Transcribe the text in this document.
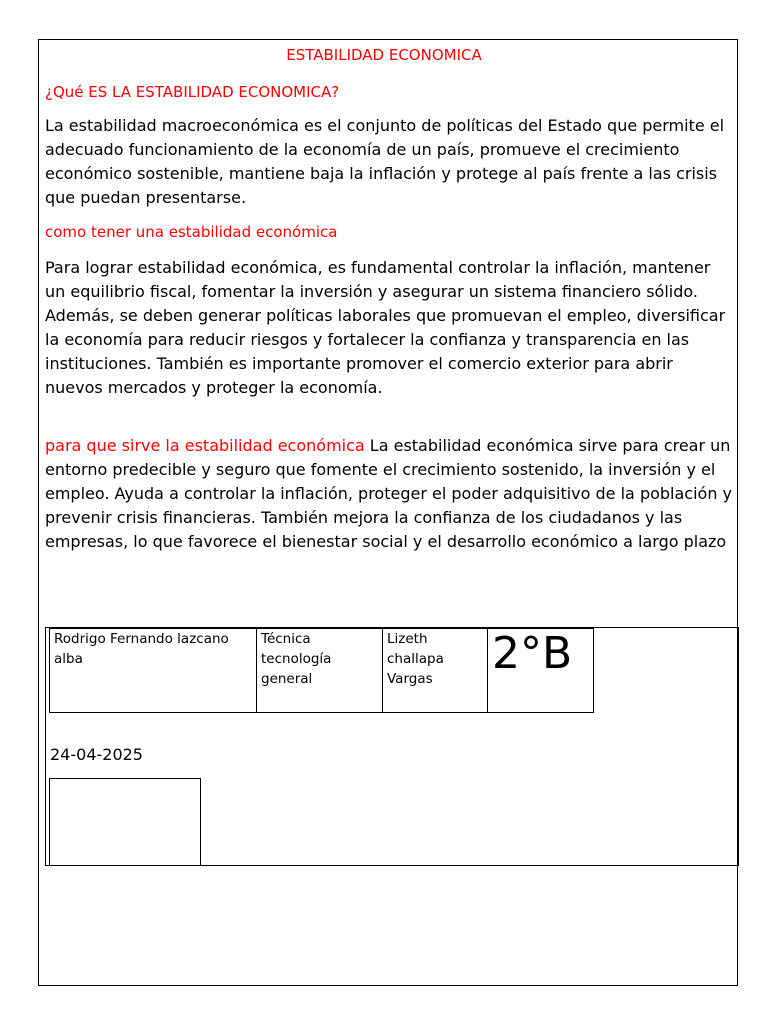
ESTABILIDAD ECONOMICA
¿Qué ES LA ESTABILIDAD ECONOMICA?
La estabilidad macroeconómica es el conjunto de políticas del Estado que permite el adecuado funcionamiento de la economía de un país, promueve el crecimiento económico sostenible, mantiene baja la inflación y protege al país frente a las crisis que puedan presentarse.
como tener una estabilidad económica
Para lograr estabilidad económica, es fundamental controlar la inflación, mantener un equilibrio fiscal, fomentar la inversión y asegurar un sistema financiero sólido. Además, se deben generar políticas laborales que promuevan el empleo, diversificar la economía para reducir riesgos y fortalecer la confianza y transparencia en las instituciones. También es importante promover el comercio exterior para abrir nuevos mercados y proteger la economía.
para que sirve la estabilidad económica La estabilidad económica sirve para crear un entorno predecible y seguro que fomente el crecimiento sostenido, la inversión y el empleo. Ayuda a controlar la inflación, proteger el poder adquisitivo de la población y prevenir crisis financieras. También mejora la confianza de los ciudadanos y las empresas, lo que favorece el bienestar social y el desarrollo económico a largo plazo
Rodrigo Fernando lazcano alba	Técnica tecnología general	Lizeth challapa Vargas	2°B
24-04-2025
